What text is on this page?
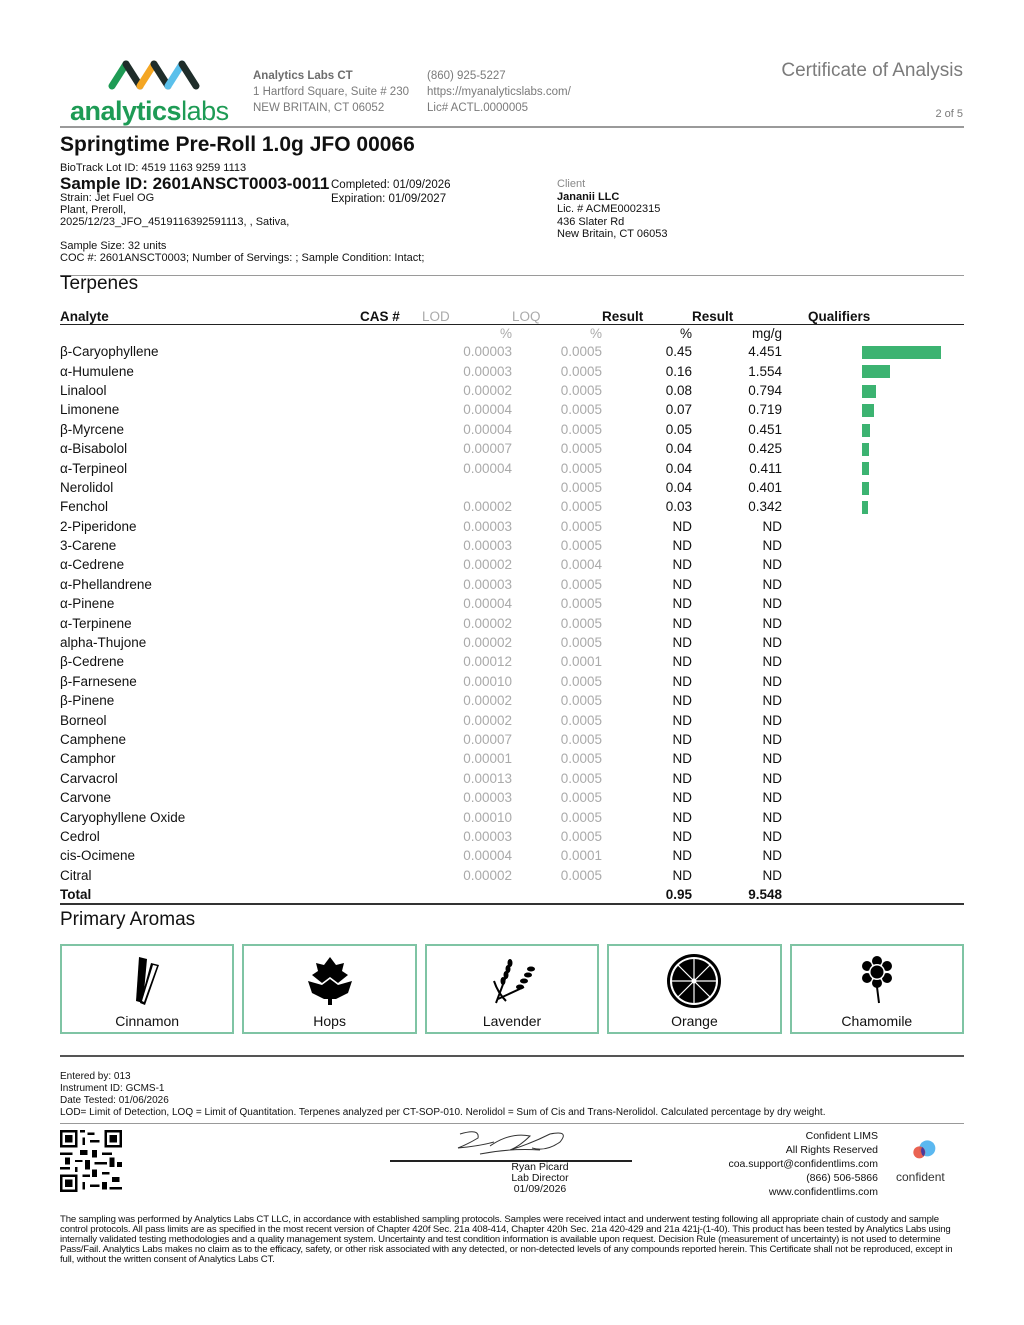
analyticslabs
Analytics Labs CT
1 Hartford Square, Suite # 230
NEW BRITAIN, CT 06052
(860) 925-5227
https://myanalyticslabs.com/
Lic# ACTL.0000005
Certificate of Analysis
2 of 5
Springtime Pre-Roll 1.0g JFO 00066
BioTrack Lot ID: 4519 1163 9259 1113
Sample ID: 2601ANSCT0003-0011 Completed: 01/09/2026
Expiration: 01/09/2027
Strain: Jet Fuel OG
Plant, Preroll,
2025/12/23_JFO_4519116392591113, , Sativa,
Sample Size: 32 units
COC #: 2601ANSCT0003; Number of Servings: ; Sample Condition: Intact;
Client
Jananii LLC
Lic. # ACME0002315
436 Slater Rd
New Britain, CT 06053
Terpenes
Analyte	CAS #	LOD	LOQ	Result	Result	Qualifiers
		%	%	%	mg/g	
β-Caryophyllene		0.00003	0.0005	0.45	4.451	

α-Humulene		0.00003	0.0005	0.16	1.554	

Linalool		0.00002	0.0005	0.08	0.794	

Limonene		0.00004	0.0005	0.07	0.719	

β-Myrcene		0.00004	0.0005	0.05	0.451	

α-Bisabolol		0.00007	0.0005	0.04	0.425	

α-Terpineol		0.00004	0.0005	0.04	0.411	

Nerolidol			0.0005	0.04	0.401	

Fenchol		0.00002	0.0005	0.03	0.342	

2-Piperidone		0.00003	0.0005	ND	ND	
3-Carene		0.00003	0.0005	ND	ND	
α-Cedrene		0.00002	0.0004	ND	ND	
α-Phellandrene		0.00003	0.0005	ND	ND	
α-Pinene		0.00004	0.0005	ND	ND	
α-Terpinene		0.00002	0.0005	ND	ND	
alpha-Thujone		0.00002	0.0005	ND	ND	
β-Cedrene		0.00012	0.0001	ND	ND	
β-Farnesene		0.00010	0.0005	ND	ND	
β-Pinene		0.00002	0.0005	ND	ND	
Borneol		0.00002	0.0005	ND	ND	
Camphene		0.00007	0.0005	ND	ND	
Camphor		0.00001	0.0005	ND	ND	
Carvacrol		0.00013	0.0005	ND	ND	
Carvone		0.00003	0.0005	ND	ND	
Caryophyllene Oxide		0.00010	0.0005	ND	ND	
Cedrol		0.00003	0.0005	ND	ND	
cis-Ocimene		0.00004	0.0001	ND	ND	
Citral		0.00002	0.0005	ND	ND	
Total				0.95	9.548	
Primary Aromas
Cinnamon	Hops	Lavender	Orange	Chamomile
Entered by: 013
Instrument ID: GCMS-1
Date Tested: 01/06/2026
LOD= Limit of Detection, LOQ = Limit of Quantitation. Terpenes analyzed per CT-SOP-010. Nerolidol = Sum of Cis and Trans-Nerolidol. Calculated percentage by dry weight.
Ryan Picard
Lab Director
01/09/2026
Confident LIMS
All Rights Reserved
coa.support@confidentlims.com
(866) 506-5866
www.confidentlims.com
confident
The sampling was performed by Analytics Labs CT LLC, in accordance with established sampling protocols. Samples were received intact and underwent testing following all appropriate chain of custody and sample control protocols. All pass limits are as specified in the most recent version of Chapter 420f Sec. 21a 408-414, Chapter 420h Sec. 21a 420-429 and 21a 421j-(1-40). This product has been tested by Analytics Labs using internally validated testing methodologies and a quality management system. Uncertainty and test condition information is available upon request. Decision Rule (measurement of uncertainty) is not used to determine Pass/Fail. Analytics Labs makes no claim as to the efficacy, safety, or other risk associated with any detected, or non-detected levels of any compounds reported herein. This Certificate shall not be reproduced, except in full, without the written consent of Analytics Labs CT.
